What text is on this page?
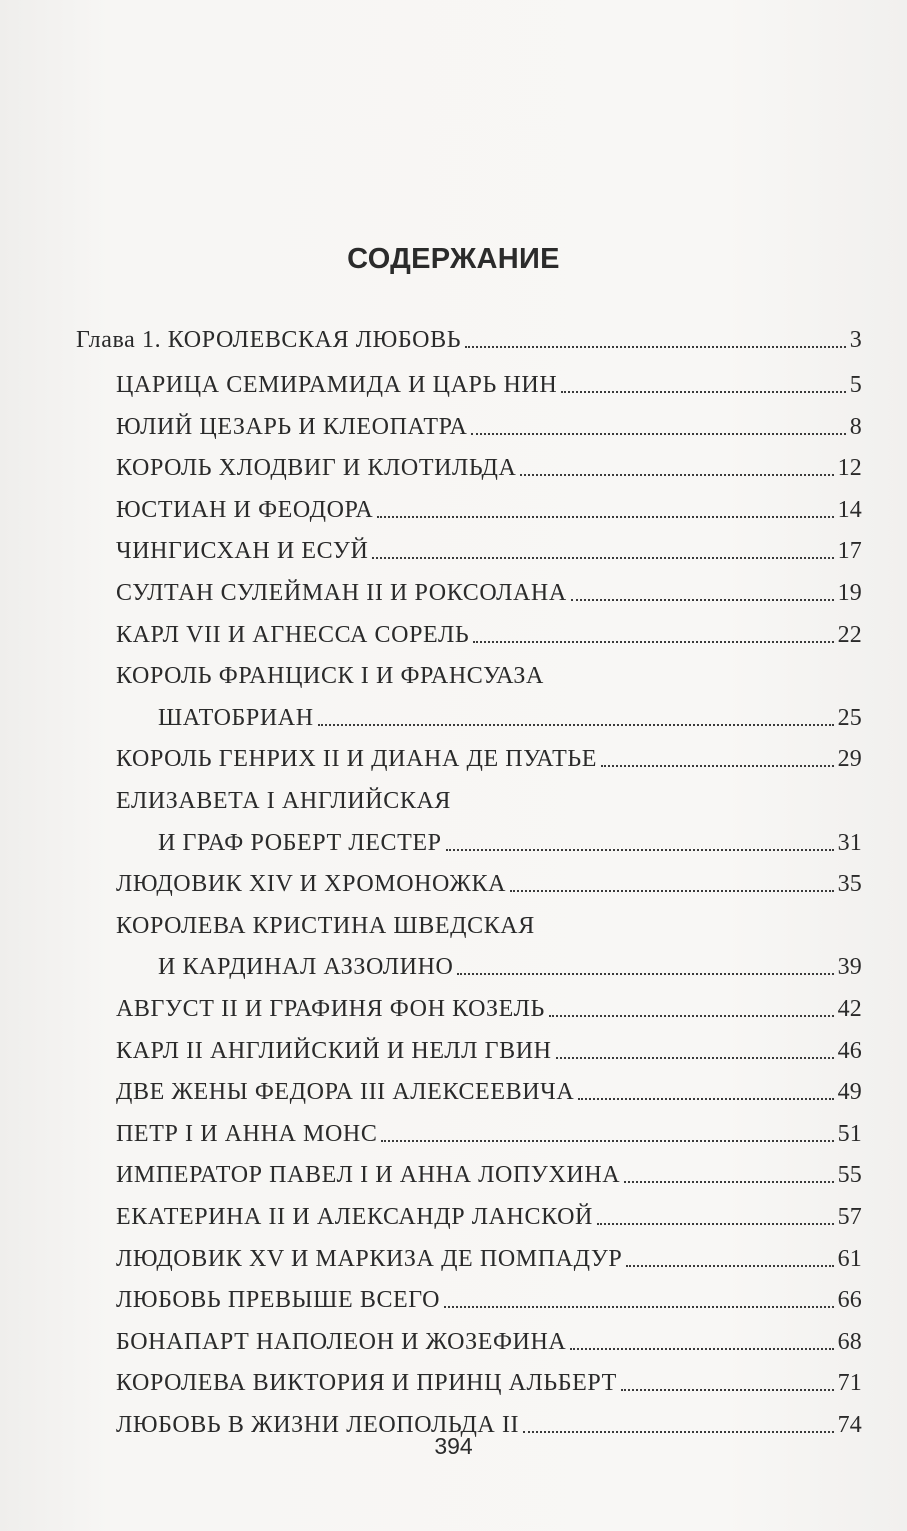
СОДЕРЖАНИЕ
Глава 1. КОРОЛЕВСКАЯ ЛЮБОВЬ	3
ЦАРИЦА СЕМИРАМИДА И ЦАРЬ НИН	5
ЮЛИЙ ЦЕЗАРЬ И КЛЕОПАТРА	8
КОРОЛЬ ХЛОДВИГ И КЛОТИЛЬДА	12
ЮСТИАН И ФЕОДОРА	14
ЧИНГИСХАН И ЕСУЙ	17
СУЛТАН СУЛЕЙМАН II И РОКСОЛАНА	19
КАРЛ VII И АГНЕССА СОРЕЛЬ	22
КОРОЛЬ ФРАНЦИСК I И ФРАНСУАЗА
ШАТОБРИАН	25
КОРОЛЬ ГЕНРИХ II И ДИАНА ДЕ ПУАТЬЕ	29
ЕЛИЗАВЕТА I АНГЛИЙСКАЯ
И ГРАФ РОБЕРТ ЛЕСТЕР	31
ЛЮДОВИК XIV И ХРОМОНОЖКА	35
КОРОЛЕВА КРИСТИНА ШВЕДСКАЯ
И КАРДИНАЛ АЗЗОЛИНО	39
АВГУСТ II И ГРАФИНЯ ФОН КОЗЕЛЬ	42
КАРЛ II АНГЛИЙСКИЙ И НЕЛЛ ГВИН	46
ДВЕ ЖЕНЫ ФЕДОРА III АЛЕКСЕЕВИЧА	49
ПЕТР I И АННА МОНС	51
ИМПЕРАТОР ПАВЕЛ I И АННА ЛОПУХИНА	55
ЕКАТЕРИНА II И АЛЕКСАНДР ЛАНСКОЙ	57
ЛЮДОВИК XV И МАРКИЗА ДЕ ПОМПАДУР	61
ЛЮБОВЬ ПРЕВЫШЕ ВСЕГО	66
БОНАПАРТ НАПОЛЕОН И ЖОЗЕФИНА	68
КОРОЛЕВА ВИКТОРИЯ И ПРИНЦ АЛЬБЕРТ	71
ЛЮБОВЬ В ЖИЗНИ ЛЕОПОЛЬДА II	74
394
